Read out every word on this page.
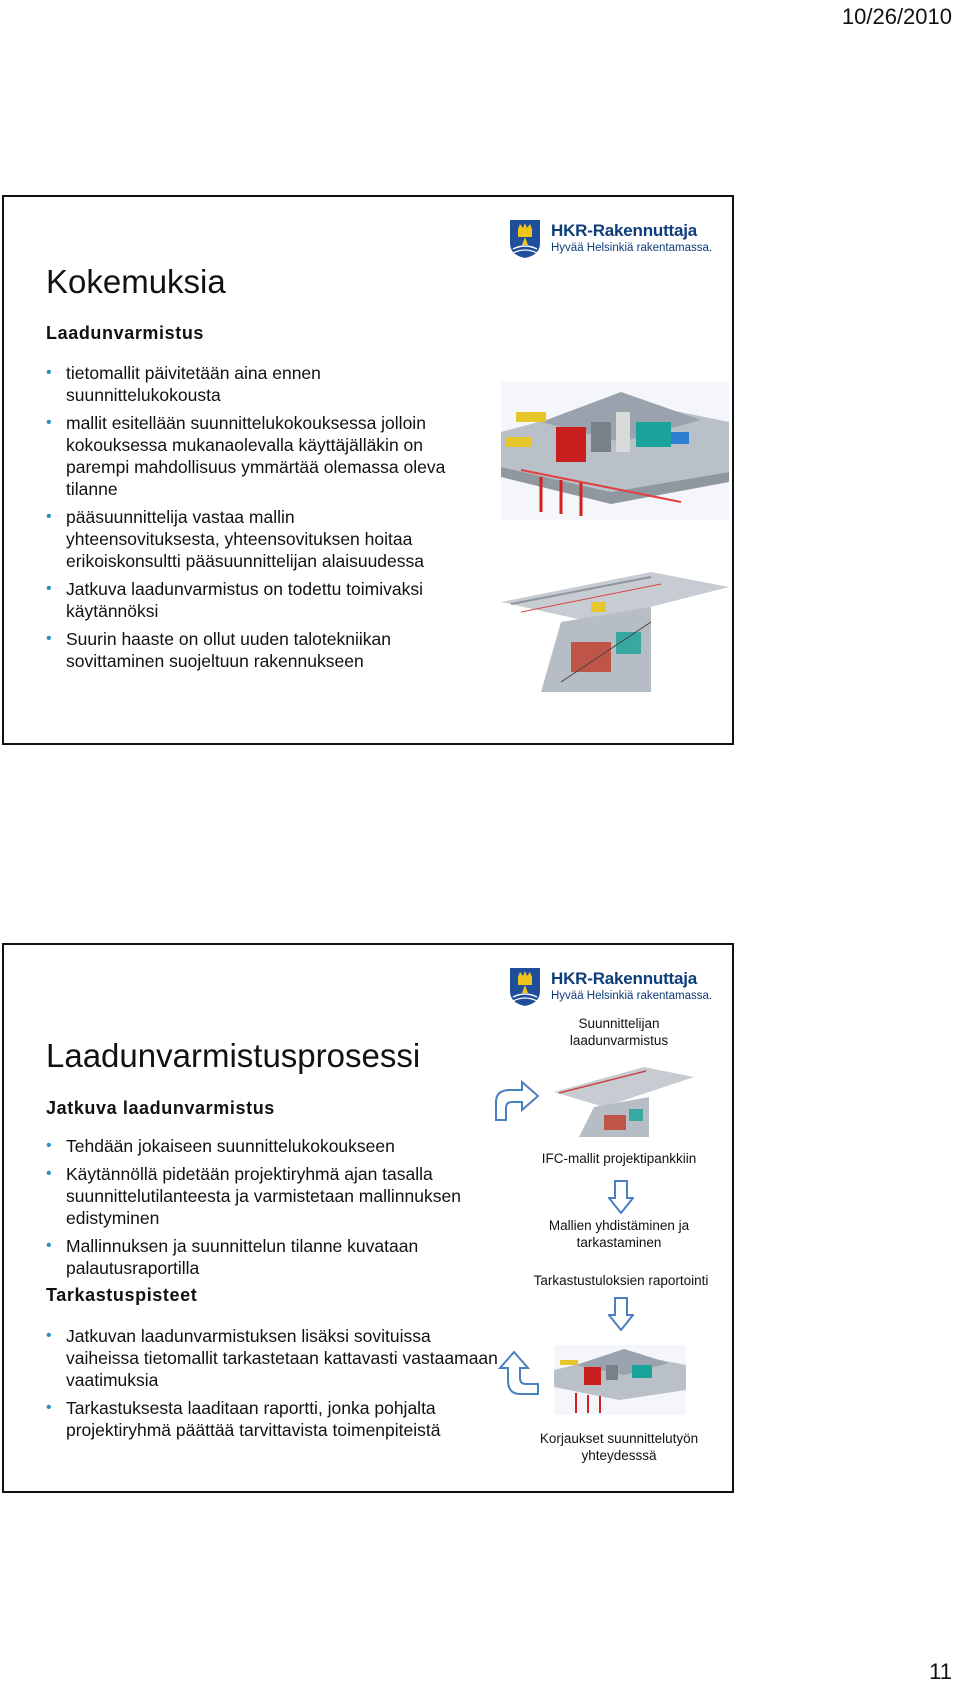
10/26/2010
HKR-Rakennuttaja
Hyvää Helsinkiä rakentamassa.
Kokemuksia
Laadunvarmistus
• tietomallit päivitetään aina ennen suunnittelukokousta
• mallit esitellään suunnittelukokouksessa jolloin kokouksessa mukanaolevalla käyttäjälläkin on parempi mahdollisuus ymmärtää olemassa oleva tilanne
• pääsuunnittelija vastaa mallin yhteensovituksesta, yhteensovituksen hoitaa erikoiskonsultti pääsuunnittelijan alaisuudessa
• Jatkuva laadunvarmistus on todettu toimivaksi käytännöksi
• Suurin haaste on ollut uuden talotekniikan sovittaminen suojeltuun rakennukseen
HKR-Rakennuttaja
Hyvää Helsinkiä rakentamassa.
Laadunvarmistusprosessi
Jatkuva laadunvarmistus
• Tehdään jokaiseen suunnittelukokoukseen
• Käytännöllä pidetään projektiryhmä ajan tasalla suunnittelutilanteesta ja varmistetaan mallinnuksen edistyminen
• Mallinnuksen ja suunnittelun tilanne kuvataan palautusraportilla
Tarkastuspisteet
• Jatkuvan laadunvarmistuksen lisäksi sovituissa vaiheissa tietomallit tarkastetaan kattavasti vastaamaan vaatimuksia
• Tarkastuksesta laaditaan raportti, jonka pohjalta projektiryhmä päättää tarvittavista toimenpiteistä
Suunnittelijan laadunvarmistus
IFC-mallit projektipankkiin
Mallien yhdistäminen ja tarkastaminen
Tarkastustuloksien raportointi
Korjaukset suunnittelutyön yhteydesssä
11
